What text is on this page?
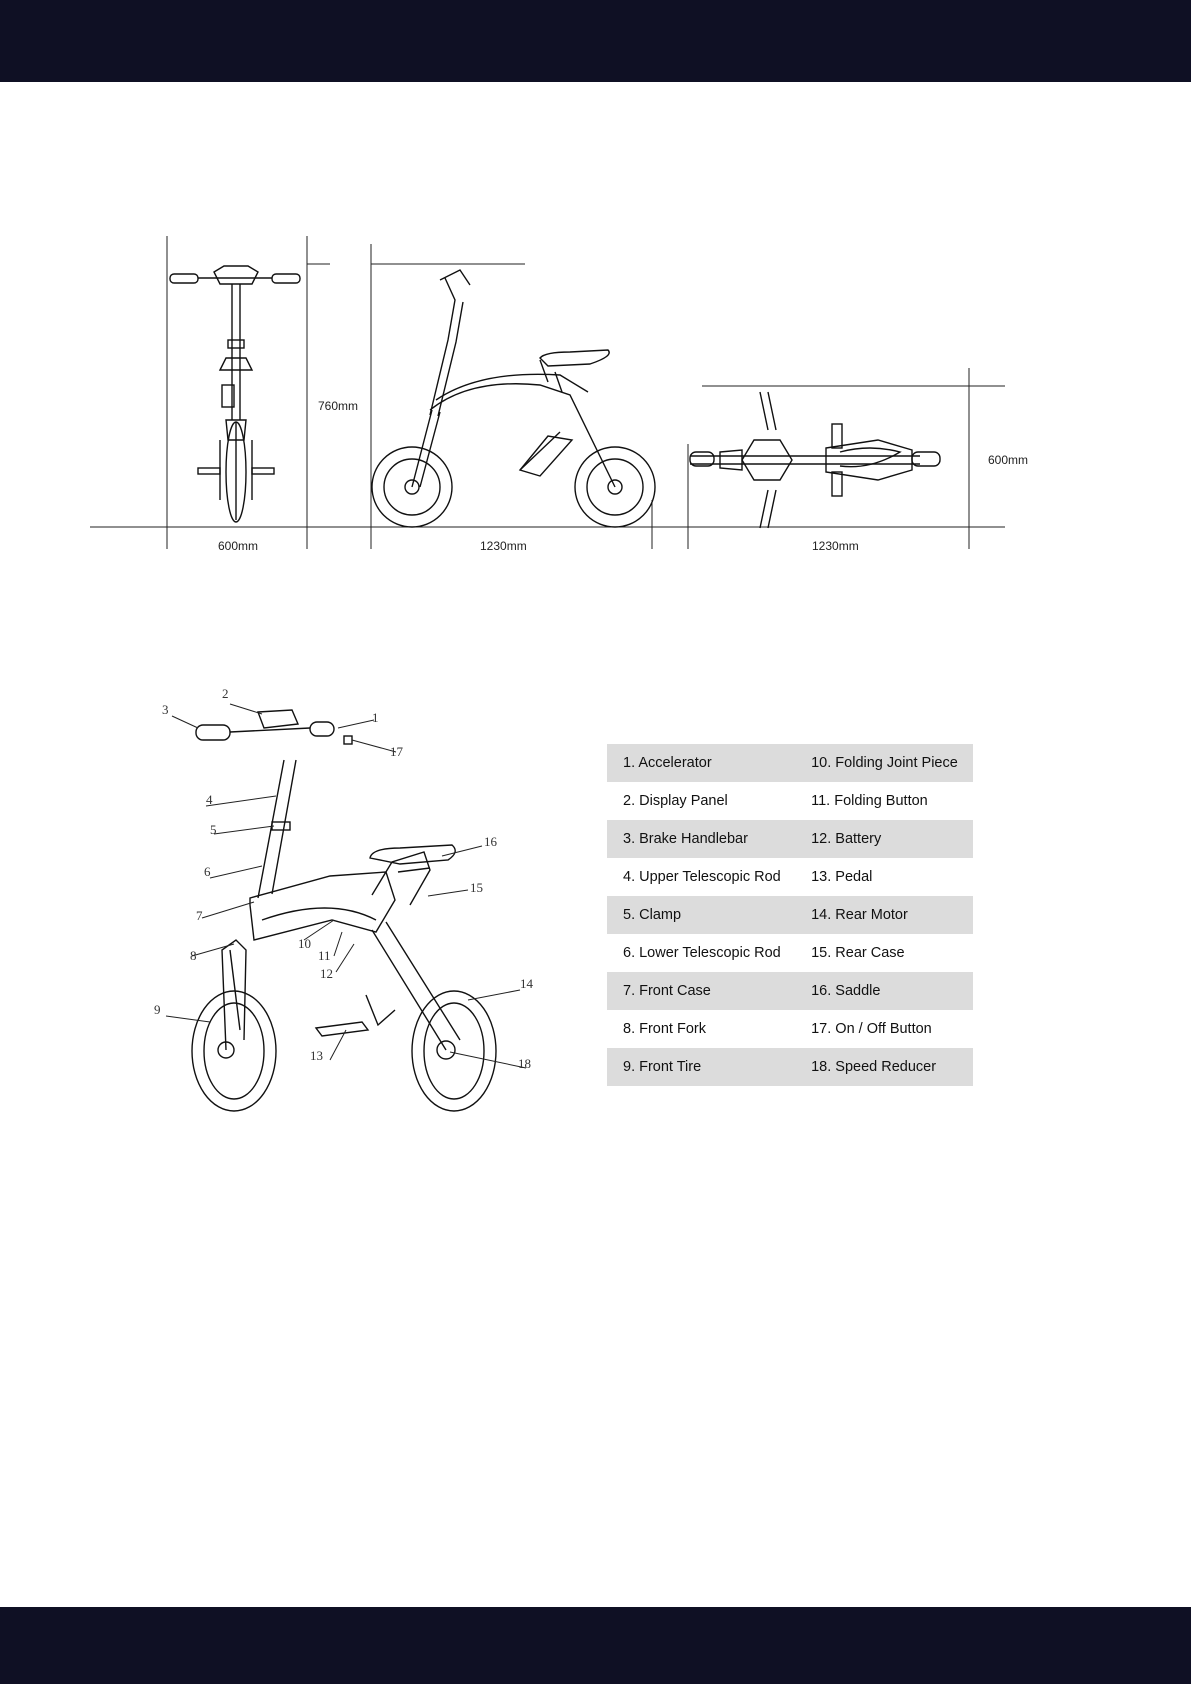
600mm
760mm
1230mm	1230mm
600mm
1
2
3
4
5
6
7
8
9
10
11
12
13
14
15
16
17
18
1. Accelerator	10. Folding Joint Piece
2. Display Panel	11. Folding Button
3. Brake Handlebar	12. Battery
4. Upper Telescopic Rod	13. Pedal
5. Clamp	14. Rear Motor
6. Lower Telescopic Rod	15. Rear Case
7. Front Case	16. Saddle
8. Front Fork	17. On / Off Button
9. Front Tire	18. Speed Reducer
